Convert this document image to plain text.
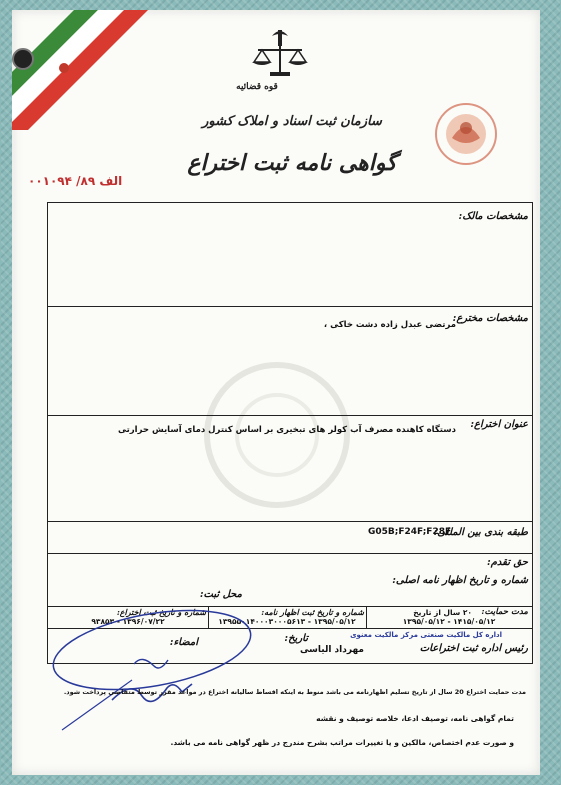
قوه قضائیه
سازمان ثبت اسناد و املاک کشور
گواهی نامه ثبت اختراع
الف ۸۹/ ۰۰۱۰۹۴
مشخصات مالک:
مشخصات مخترع:
مرتضی عبدل زاده دشت خاکی ،
عنوان اختراع:
دستگاه کاهنده مصرف آب کولر های تبخیری بر اساس کنترل دمای آسایش حرارتی
طبقه بندی بین المللی:
G05B;F24F;F28F
حق تقدم:
شماره و تاریخ اظهار نامه اصلی:
محل ثبت:
مدت حمایت:
۲۰ سال از تاریخ
۱۴۱۵/۰۵/۱۲ - ۱۳۹۵/۰۵/۱۲
شماره و تاریخ ثبت اظهار نامه:
۱۳۹۵/۰۵/۱۲ - ۱۳۹۵۵۰۱۴۰۰۰۳۰۰۰۵۶۱۳
شماره و تاریخ ثبت اختراع:
۱۳۹۶/۰۷/۲۲ - ۹۳۸۵۳
اداره کل مالکیت صنعتی مرکز مالکیت معنوی
رئیس اداره ثبت اختراعات
تاریخ:
مهرداد الیاسی
امضاء:
مدت حمایت اختراع 20 سال از تاریخ تسلیم اظهارنامه می باشد منوط به اینکه اقساط سالیانه اختراع در مواعد مقرر توسط متقاضی پرداخت شود.
تمام گواهی نامه، توصیف ادعا، خلاصه توصیف و نقشه
و صورت عدم اختصاص، مالکین و یا تغییرات مراتب بشرح مندرج در ظهر گواهی نامه می باشد.
